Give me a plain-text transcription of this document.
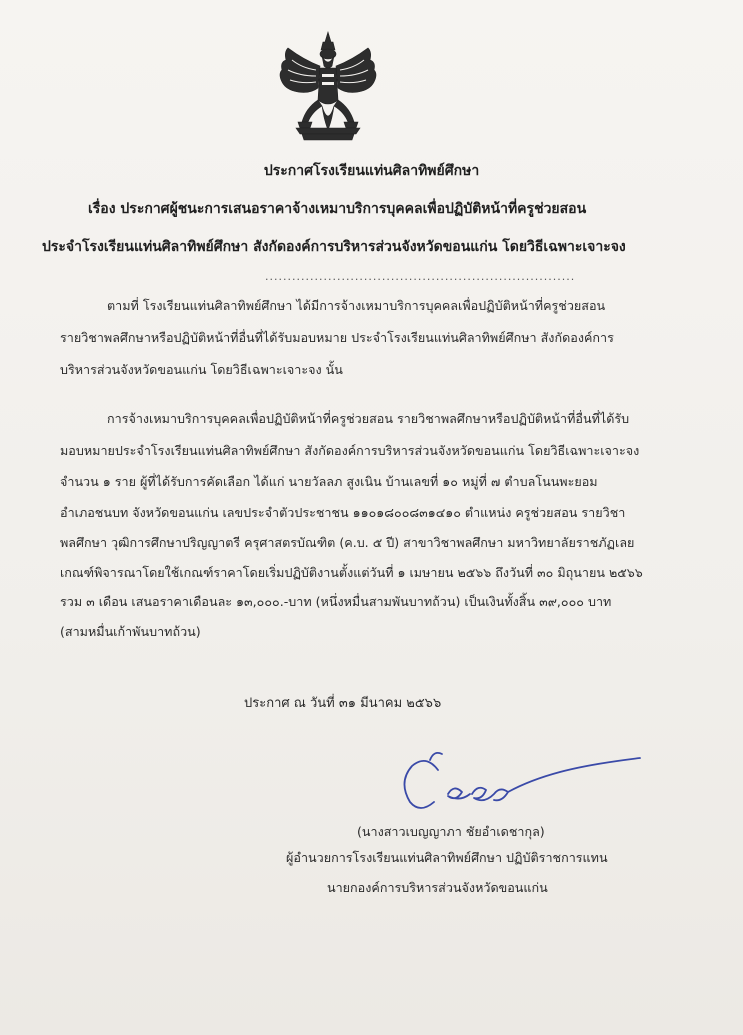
ประกาศโรงเรียนแท่นศิลาทิพย์ศึกษา
เรื่อง ประกาศผู้ชนะการเสนอราคาจ้างเหมาบริการบุคคลเพื่อปฏิบัติหน้าที่ครูช่วยสอน
ประจำโรงเรียนแท่นศิลาทิพย์ศึกษา สังกัดองค์การบริหารส่วนจังหวัดขอนแก่น โดยวิธีเฉพาะเจาะจง
.....................................................................
ตามที่ โรงเรียนแท่นศิลาทิพย์ศึกษา ได้มีการจ้างเหมาบริการบุคคลเพื่อปฏิบัติหน้าที่ครูช่วยสอน
รายวิชาพลศึกษาหรือปฏิบัติหน้าที่อื่นที่ได้รับมอบหมาย ประจำโรงเรียนแท่นศิลาทิพย์ศึกษา สังกัดองค์การ
บริหารส่วนจังหวัดขอนแก่น โดยวิธีเฉพาะเจาะจง นั้น
การจ้างเหมาบริการบุคคลเพื่อปฏิบัติหน้าที่ครูช่วยสอน รายวิชาพลศึกษาหรือปฏิบัติหน้าที่อื่นที่ได้รับ
มอบหมายประจำโรงเรียนแท่นศิลาทิพย์ศึกษา สังกัดองค์การบริหารส่วนจังหวัดขอนแก่น โดยวิธีเฉพาะเจาะจง
จำนวน ๑ ราย ผู้ที่ได้รับการคัดเลือก ได้แก่ นายวัลลภ สูงเนิน บ้านเลขที่ ๑๐ หมู่ที่ ๗ ตำบลโนนพะยอม
อำเภอชนบท จังหวัดขอนแก่น เลขประจำตัวประชาชน ๑๑๐๑๘๐๐๘๓๑๔๑๐ ตำแหน่ง ครูช่วยสอน รายวิชา
พลศึกษา วุฒิการศึกษาปริญญาตรี ครุศาสตรบัณฑิต (ค.บ. ๕ ปี) สาขาวิชาพลศึกษา มหาวิทยาลัยราชภัฏเลย
เกณฑ์พิจารณาโดยใช้เกณฑ์ราคาโดยเริ่มปฏิบัติงานตั้งแต่วันที่ ๑ เมษายน ๒๕๖๖ ถึงวันที่ ๓๐ มิถุนายน ๒๕๖๖
รวม ๓ เดือน เสนอราคาเดือนละ ๑๓,๐๐๐.-บาท (หนึ่งหมื่นสามพันบาทถ้วน) เป็นเงินทั้งสิ้น ๓๙,๐๐๐ บาท
(สามหมื่นเก้าพันบาทถ้วน)
ประกาศ ณ วันที่ ๓๑ มีนาคม ๒๕๖๖
(นางสาวเบญญาภา ชัยอำเดชากุล)
ผู้อำนวยการโรงเรียนแท่นศิลาทิพย์ศึกษา ปฏิบัติราชการแทน
นายกองค์การบริหารส่วนจังหวัดขอนแก่น
